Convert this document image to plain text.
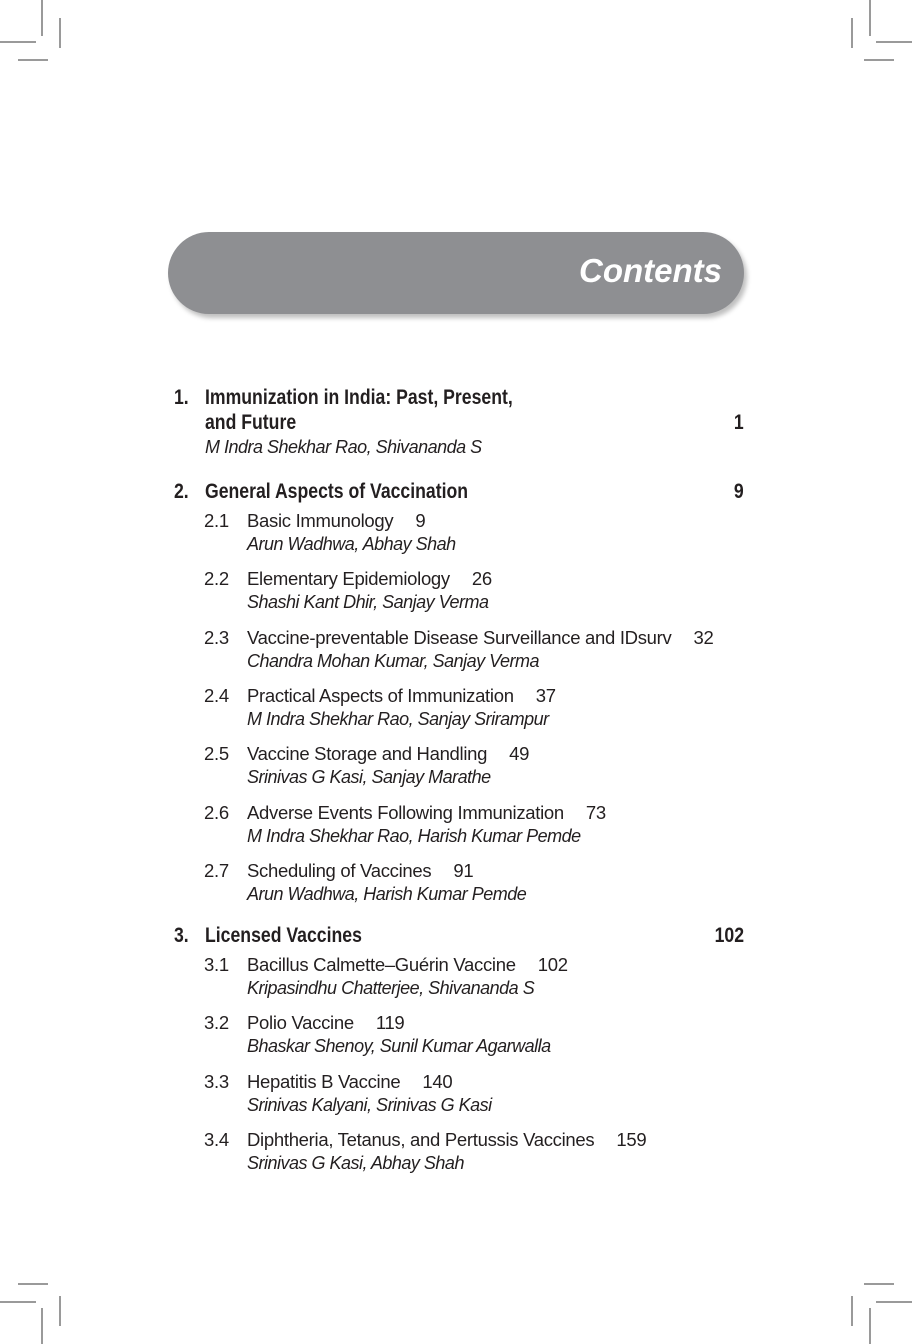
Contents
1. Immunization in India: Past, Present,
and Future	1
M Indra Shekhar Rao, Shivananda S
2. General Aspects of Vaccination	9
2.1 Basic Immunology 9
Arun Wadhwa, Abhay Shah
2.2 Elementary Epidemiology 26
Shashi Kant Dhir, Sanjay Verma
2.3 Vaccine-preventable Disease Surveillance and IDsurv 32
Chandra Mohan Kumar, Sanjay Verma
2.4 Practical Aspects of Immunization 37
M Indra Shekhar Rao, Sanjay Srirampur
2.5 Vaccine Storage and Handling 49
Srinivas G Kasi, Sanjay Marathe
2.6 Adverse Events Following Immunization 73
M Indra Shekhar Rao, Harish Kumar Pemde
2.7 Scheduling of Vaccines 91
Arun Wadhwa, Harish Kumar Pemde
3. Licensed Vaccines	102
3.1 Bacillus Calmette–Guérin Vaccine 102
Kripasindhu Chatterjee, Shivananda S
3.2 Polio Vaccine 119
Bhaskar Shenoy, Sunil Kumar Agarwalla
3.3 Hepatitis B Vaccine 140
Srinivas Kalyani, Srinivas G Kasi
3.4 Diphtheria, Tetanus, and Pertussis Vaccines 159
Srinivas G Kasi, Abhay Shah
